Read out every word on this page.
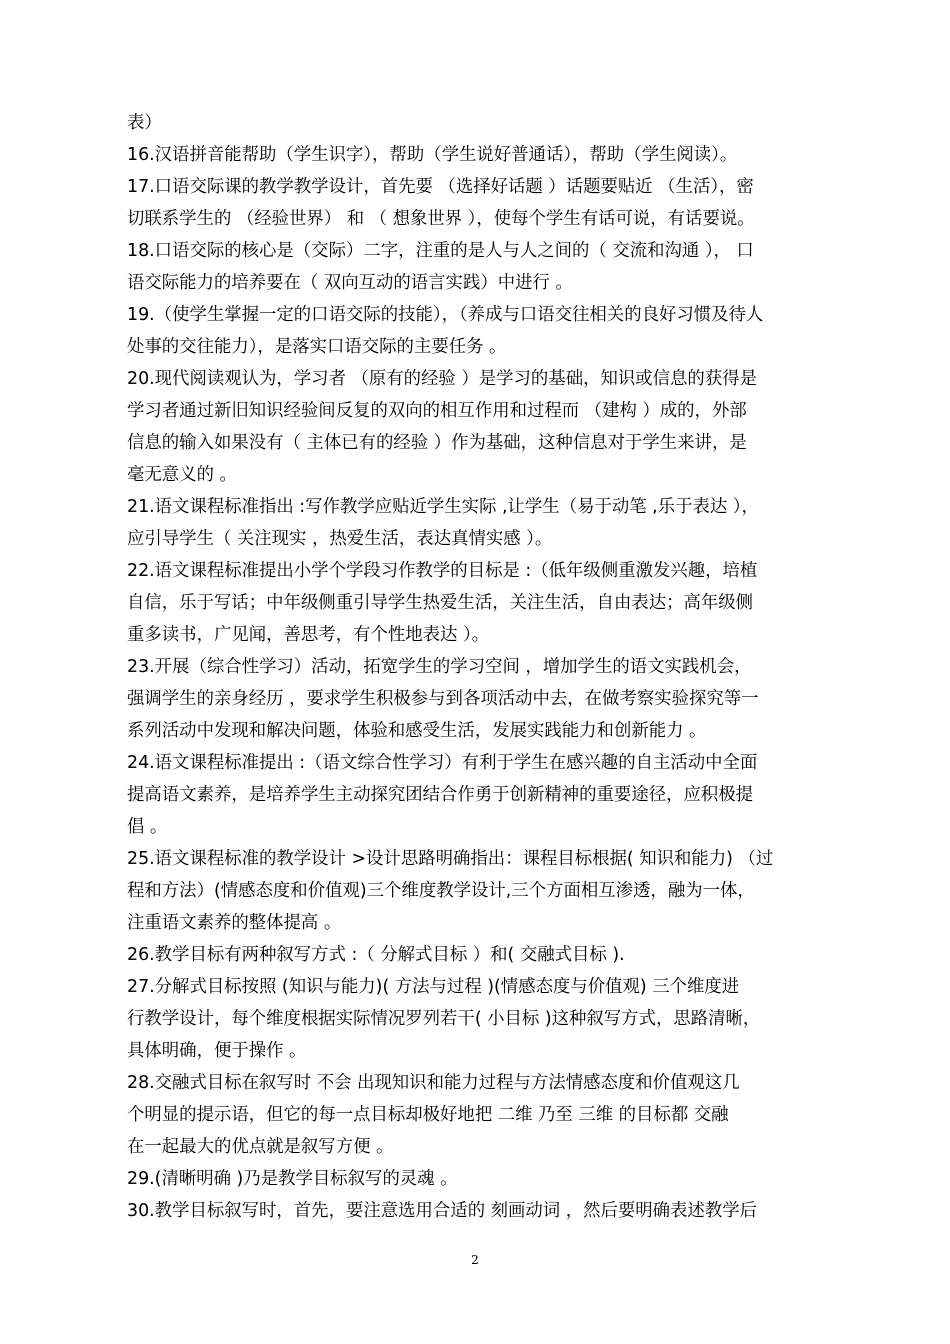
表）
16.汉语拼音能帮助（学生识字），帮助（学生说好普通话），帮助（学生阅读）。
17.口语交际课的教学教学设计，首先要 （选择好话题 ）话题要贴近 （生活），密
切联系学生的 （经验世界） 和 （ 想象世界 ），使每个学生有话可说，有话要说。
18.口语交际的核心是（交际）二字，注重的是人与人之间的（ 交流和沟通 ）， 口
语交际能力的培养要在（ 双向互动的语言实践）中进行 。
19.（使学生掌握一定的口语交际的技能），（养成与口语交往相关的良好习惯及待人
处事的交往能力），是落实口语交际的主要任务 。
20.现代阅读观认为，学习者 （原有的经验 ）是学习的基础，知识或信息的获得是
学习者通过新旧知识经验间反复的双向的相互作用和过程而 （建构 ）成的，外部
信息的输入如果没有（ 主体已有的经验 ）作为基础，这种信息对于学生来讲，是
毫无意义的 。
21.语文课程标准指出 :写作教学应贴近学生实际 ,让学生（易于动笔 ,乐于表达 ），
应引导学生（ 关注现实 ，热爱生活，表达真情实感 ）。
22.语文课程标准提出小学个学段习作教学的目标是 :（低年级侧重激发兴趣，培植
自信，乐于写话；中年级侧重引导学生热爱生活，关注生活，自由表达；高年级侧
重多读书，广见闻，善思考，有个性地表达 ）。
23.开展（综合性学习）活动，拓宽学生的学习空间 ，增加学生的语文实践机会，
强调学生的亲身经历 ，要求学生积极参与到各项活动中去，在做考察实验探究等一
系列活动中发现和解决问题，体验和感受生活，发展实践能力和创新能力 。
24.语文课程标准提出 :（语文综合性学习）有利于学生在感兴趣的自主活动中全面
提高语文素养，是培养学生主动探究团结合作勇于创新精神的重要途径，应积极提
倡 。
25.语文课程标准的教学设计 >设计思路明确指出：课程目标根据( 知识和能力) （过
程和方法）(情感态度和价值观)三个维度教学设计,三个方面相互渗透，融为一体，
注重语文素养的整体提高 。
26.教学目标有两种叙写方式 :（ 分解式目标 ）和( 交融式目标 ).
27.分解式目标按照 (知识与能力)( 方法与过程 )(情感态度与价值观) 三个维度进
行教学设计，每个维度根据实际情况罗列若干( 小目标 )这种叙写方式，思路清晰，
具体明确，便于操作 。
28.交融式目标在叙写时 不会 出现知识和能力过程与方法情感态度和价值观这几
个明显的提示语，但它的每一点目标却极好地把 二维 乃至 三维 的目标都 交融
在一起最大的优点就是叙写方便 。
29.(清晰明确 )乃是教学目标叙写的灵魂 。
30.教学目标叙写时，首先，要注意选用合适的 刻画动词 ，然后要明确表述教学后
2
